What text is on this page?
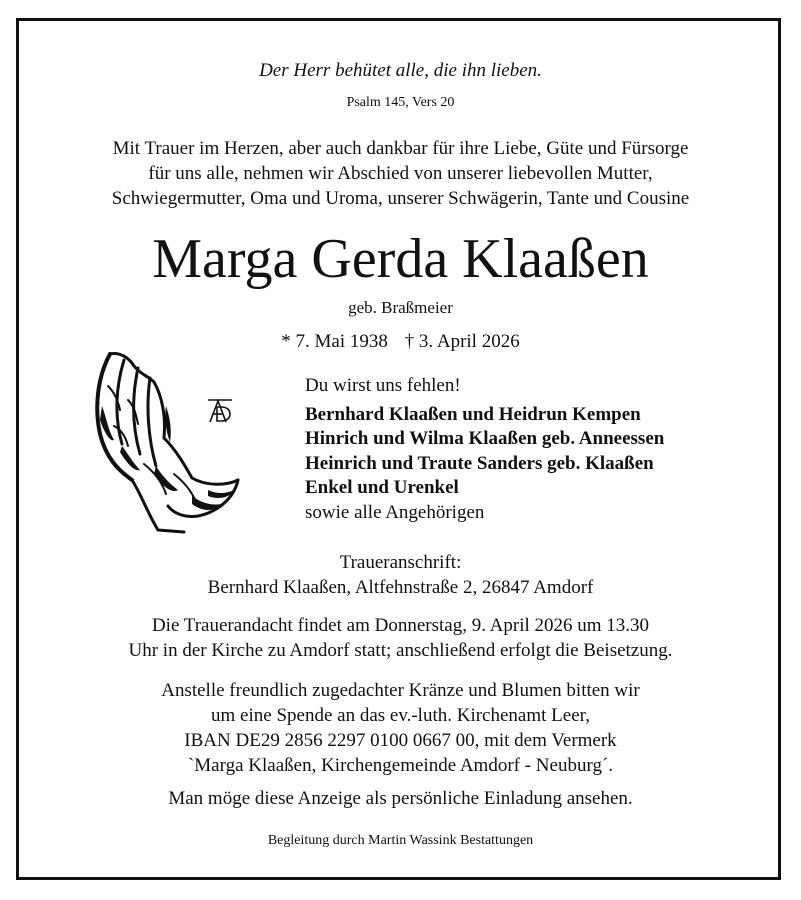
Der Herr behütet alle, die ihn lieben.
Psalm 145, Vers 20
Mit Trauer im Herzen, aber auch dankbar für ihre Liebe, Güte und Fürsorge
für uns alle, nehmen wir Abschied von unserer liebevollen Mutter,
Schwiegermutter, Oma und Uroma, unserer Schwägerin, Tante und Cousine
Marga Gerda Klaaßen
geb. Braßmeier
* 7. Mai 1938 † 3. April 2026
Du wirst uns fehlen!
Bernhard Klaaßen und Heidrun Kempen
Hinrich und Wilma Klaaßen geb. Anneessen
Heinrich und Traute Sanders geb. Klaaßen
Enkel und Urenkel
sowie alle Angehörigen
Traueranschrift:
Bernhard Klaaßen, Altfehnstraße 2, 26847 Amdorf
Die Trauerandacht findet am Donnerstag, 9. April 2026 um 13.30
Uhr in der Kirche zu Amdorf statt; anschließend erfolgt die Beisetzung.
Anstelle freundlich zugedachter Kränze und Blumen bitten wir
um eine Spende an das ev.-luth. Kirchenamt Leer,
IBAN DE29 2856 2297 0100 0667 00, mit dem Vermerk
`Marga Klaaßen, Kirchengemeinde Amdorf - Neuburg´.
Man möge diese Anzeige als persönliche Einladung ansehen.
Begleitung durch Martin Wassink Bestattungen
